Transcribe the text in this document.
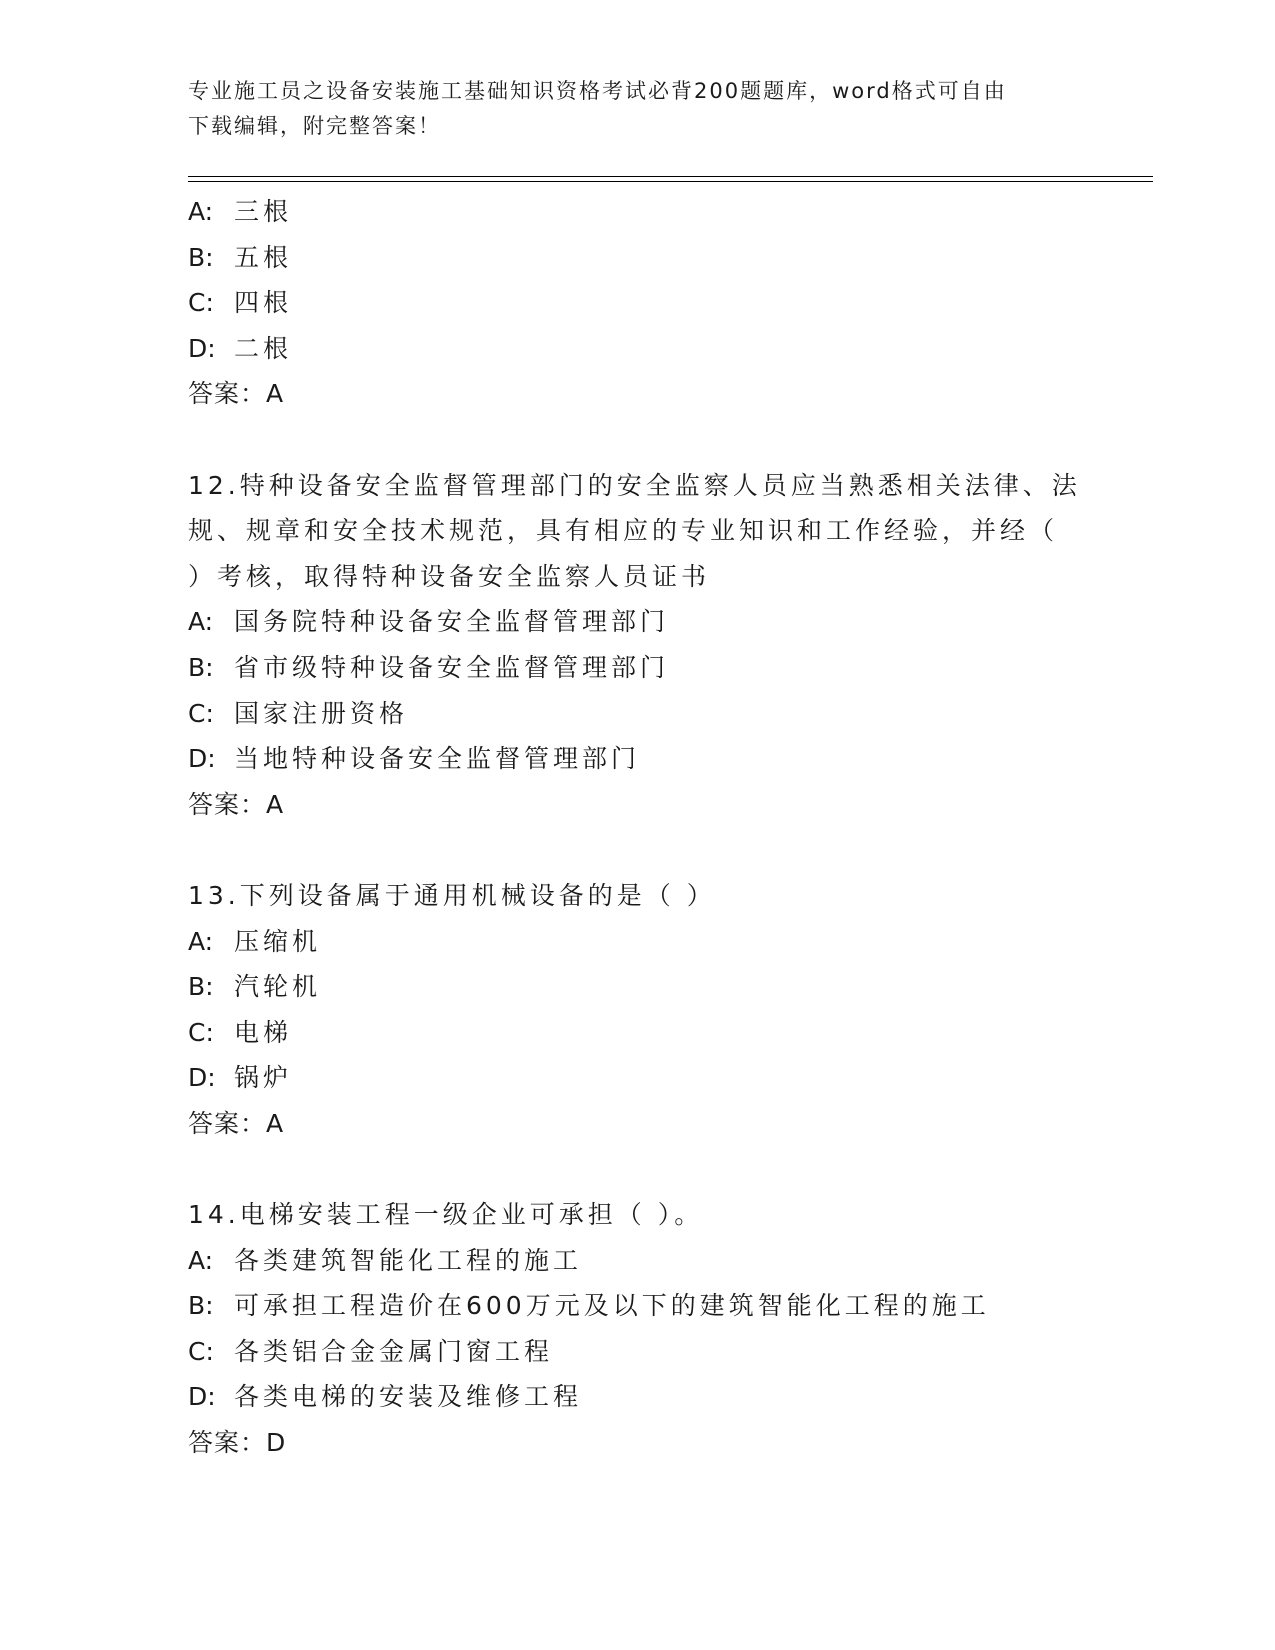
专业施工员之设备安装施工基础知识资格考试必背200题题库，word格式可自由
下载编辑，附完整答案！
A: 三根
B: 五根
C: 四根
D: 二根
答案：A
12.特种设备安全监督管理部门的安全监察人员应当熟悉相关法律、法
规、规章和安全技术规范，具有相应的专业知识和工作经验，并经（
）考核，取得特种设备安全监察人员证书
A: 国务院特种设备安全监督管理部门
B: 省市级特种设备安全监督管理部门
C: 国家注册资格
D: 当地特种设备安全监督管理部门
答案：A
13.下列设备属于通用机械设备的是（ ）
A: 压缩机
B: 汽轮机
C: 电梯
D: 锅炉
答案：A
14.电梯安装工程一级企业可承担（ ）。
A: 各类建筑智能化工程的施工
B: 可承担工程造价在600万元及以下的建筑智能化工程的施工
C: 各类铝合金金属门窗工程
D: 各类电梯的安装及维修工程
答案：D
